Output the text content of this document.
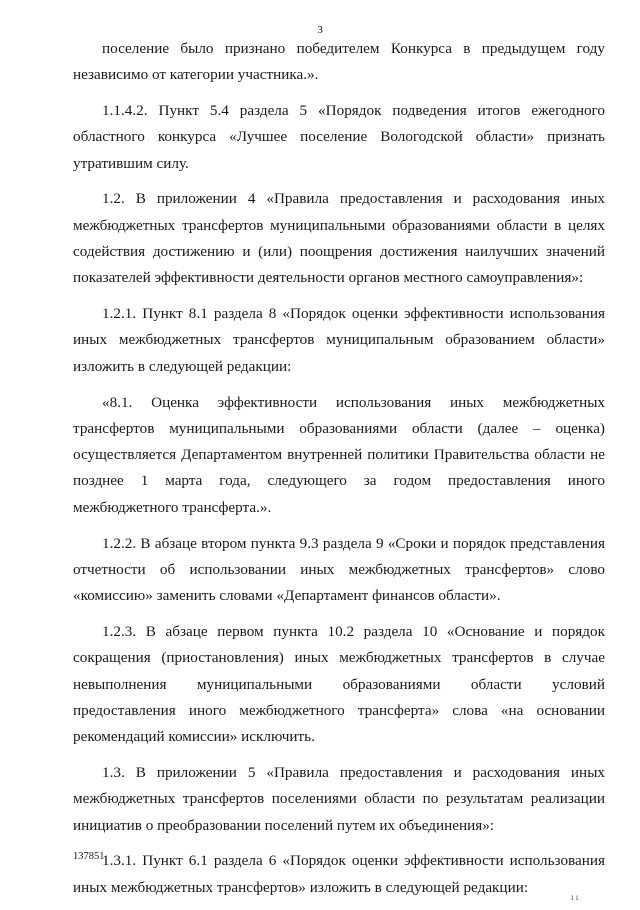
3

поселение было признано победителем Конкурса в предыдущем году независимо от категории участника.».

1.1.4.2. Пункт 5.4 раздела 5 «Порядок подведения итогов ежегодного областного конкурса «Лучшее поселение Вологодской области» признать утратившим силу.

1.2. В приложении 4 «Правила предоставления и расходования иных межбюджетных трансфертов муниципальными образованиями области в целях содействия достижению и (или) поощрения достижения наилучших значений показателей эффективности деятельности органов местного самоуправления»:

1.2.1. Пункт 8.1 раздела 8 «Порядок оценки эффективности использования иных межбюджетных трансфертов муниципальным образованием области» изложить в следующей редакции:

«8.1. Оценка эффективности использования иных межбюджетных трансфертов муниципальными образованиями области (далее – оценка) осуществляется Департаментом внутренней политики Правительства области не позднее 1 марта года, следующего за годом предоставления иного межбюджетного трансферта.».

1.2.2. В абзаце втором пункта 9.3 раздела 9 «Сроки и порядок представления отчетности об использовании иных межбюджетных трансфертов» слово «комиссию» заменить словами «Департамент финансов области».

1.2.3. В абзаце первом пункта 10.2 раздела 10 «Основание и порядок сокращения (приостановления) иных межбюджетных трансфертов в случае невыполнения муниципальными образованиями области условий предоставления иного межбюджетного трансферта» слова «на основании рекомендаций комиссии» исключить.

1.3. В приложении 5 «Правила предоставления и расходования иных межбюджетных трансфертов поселениями области по результатам реализации инициатив о преобразовании поселений путем их объединения»:

1.3.1. Пункт 6.1 раздела 6 «Порядок оценки эффективности использования иных межбюджетных трансфертов» изложить в следующей редакции:

137851
ı ı
